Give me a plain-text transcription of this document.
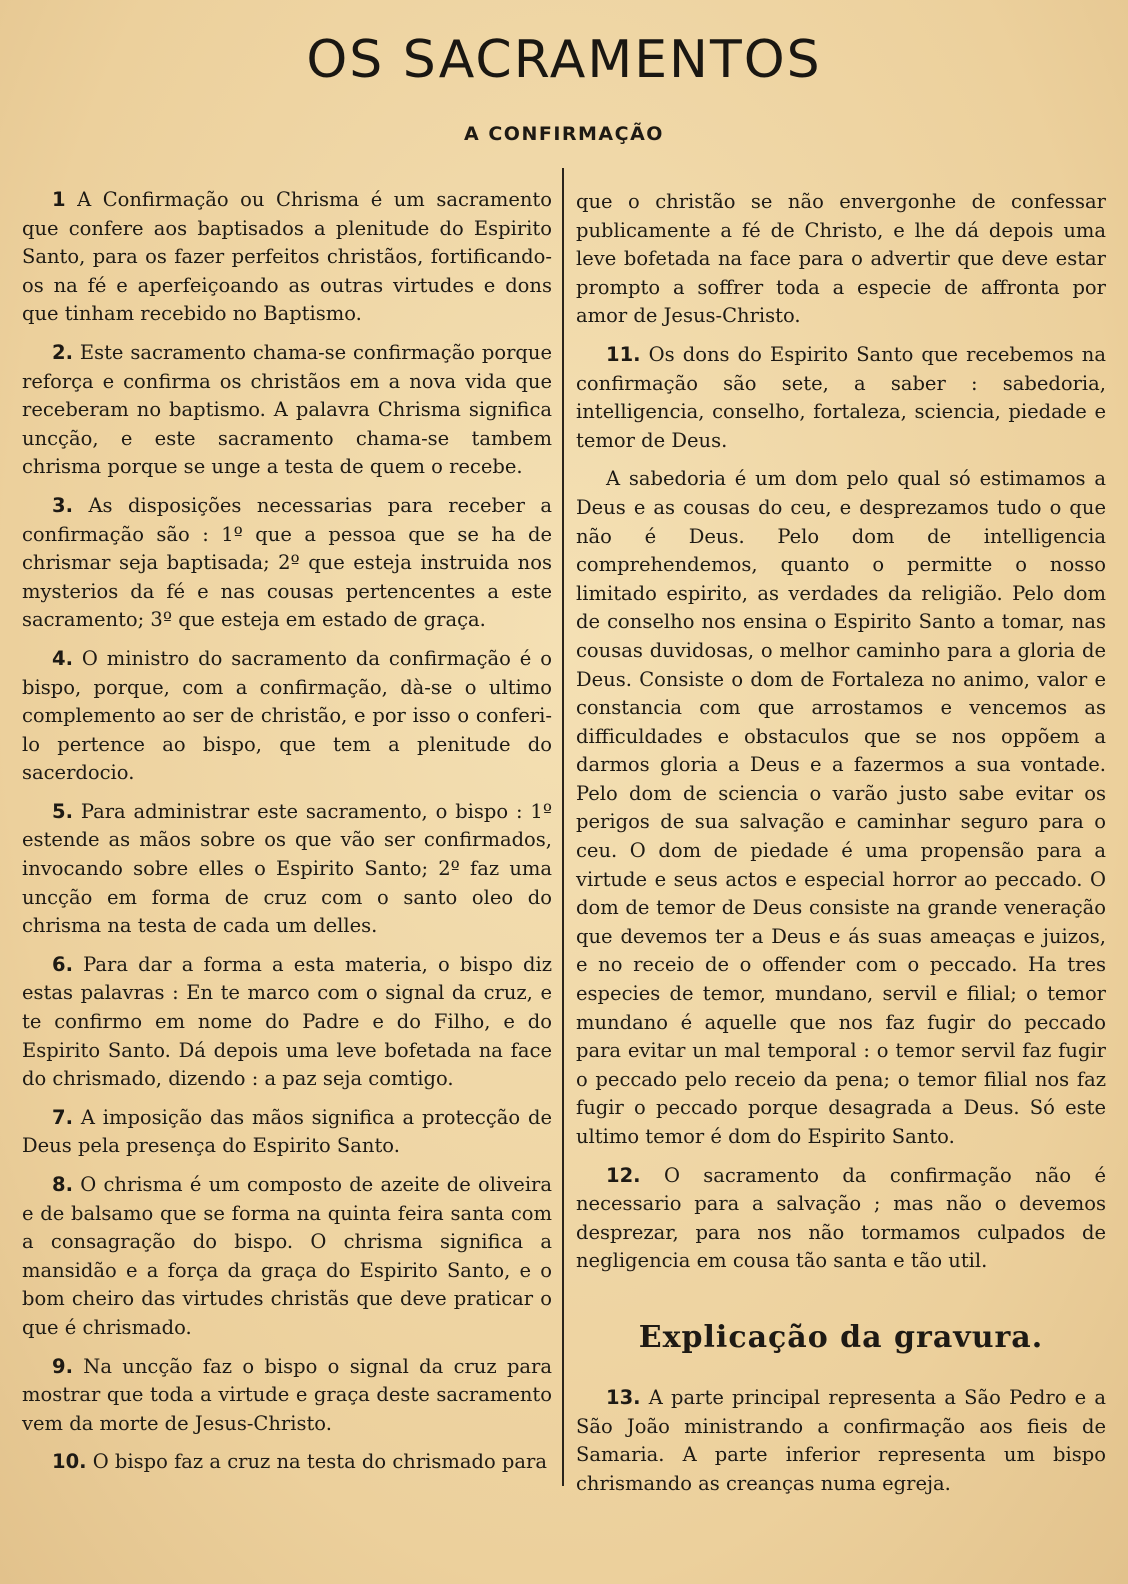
OS SACRAMENTOS
A CONFIRMAÇÃO

1 A Confirmação ou Chrisma é um sacramento que confere aos baptisados a plenitude do Espirito Santo, para os fazer perfeitos christãos, fortificando-os na fé e aperfeiçoando as outras virtudes e dons que tinham recebido no Baptismo.

2. Este sacramento chama-se confirmação porque reforça e confirma os christãos em a nova vida que receberam no baptismo. A palavra Chrisma significa uncção, e este sacramento chama-se tambem chrisma porque se unge a testa de quem o recebe.

3. As disposições necessarias para receber a confirmação são : 1º que a pessoa que se ha de chrismar seja baptisada; 2º que esteja instruida nos mysterios da fé e nas cousas pertencentes a este sacramento; 3º que esteja em estado de graça.

4. O ministro do sacramento da confirmação é o bispo, porque, com a confirmação, dà-se o ultimo complemento ao ser de christão, e por isso o conferi-lo pertence ao bispo, que tem a plenitude do sacerdocio.

5. Para administrar este sacramento, o bispo : 1º estende as mãos sobre os que vão ser confirmados, invocando sobre elles o Espirito Santo; 2º faz uma uncção em forma de cruz com o santo oleo do chrisma na testa de cada um delles.

6. Para dar a forma a esta materia, o bispo diz estas palavras : En te marco com o signal da cruz, e te confirmo em nome do Padre e do Filho, e do Espirito Santo. Dá depois uma leve bofetada na face do chrismado, dizendo : a paz seja comtigo.

7. A imposição das mãos significa a protecção de Deus pela presença do Espirito Santo.

8. O chrisma é um composto de azeite de oliveira e de balsamo que se forma na quinta feira santa com a consagração do bispo. O chrisma significa a mansidão e a força da graça do Espirito Santo, e o bom cheiro das virtudes christãs que deve praticar o que é chrismado.

9. Na uncção faz o bispo o signal da cruz para mostrar que toda a virtude e graça deste sacramento vem da morte de Jesus-Christo.

10. O bispo faz a cruz na testa do chrismado para

que o christão se não envergonhe de confessar publicamente a fé de Christo, e lhe dá depois uma leve bofetada na face para o advertir que deve estar prompto a soffrer toda a especie de affronta por amor de Jesus-Christo.

11. Os dons do Espirito Santo que recebemos na confirmação são sete, a saber : sabedoria, intelligencia, conselho, fortaleza, sciencia, piedade e temor de Deus.

A sabedoria é um dom pelo qual só estimamos a Deus e as cousas do ceu, e desprezamos tudo o que não é Deus. Pelo dom de intelligencia comprehendemos, quanto o permitte o nosso limitado espirito, as verdades da religião. Pelo dom de conselho nos ensina o Espirito Santo a tomar, nas cousas duvidosas, o melhor caminho para a gloria de Deus. Consiste o dom de Fortaleza no animo, valor e constancia com que arrostamos e vencemos as difficuldades e obstaculos que se nos oppõem a darmos gloria a Deus e a fazermos a sua vontade. Pelo dom de sciencia o varão justo sabe evitar os perigos de sua salvação e caminhar seguro para o ceu. O dom de piedade é uma propensão para a virtude e seus actos e especial horror ao peccado. O dom de temor de Deus consiste na grande veneração que devemos ter a Deus e ás suas ameaças e juizos, e no receio de o offender com o peccado. Ha tres especies de temor, mundano, servil e filial; o temor mundano é aquelle que nos faz fugir do peccado para evitar un mal temporal : o temor servil faz fugir o peccado pelo receio da pena; o temor filial nos faz fugir o peccado porque desagrada a Deus. Só este ultimo temor é dom do Espirito Santo.

12. O sacramento da confirmação não é necessario para a salvação ; mas não o devemos desprezar, para nos não tormamos culpados de negligencia em cousa tão santa e tão util.

Explicação da gravura.

13. A parte principal representa a São Pedro e a São João ministrando a confirmação aos fieis de Samaria. A parte inferior representa um bispo chrismando as creanças numa egreja.
